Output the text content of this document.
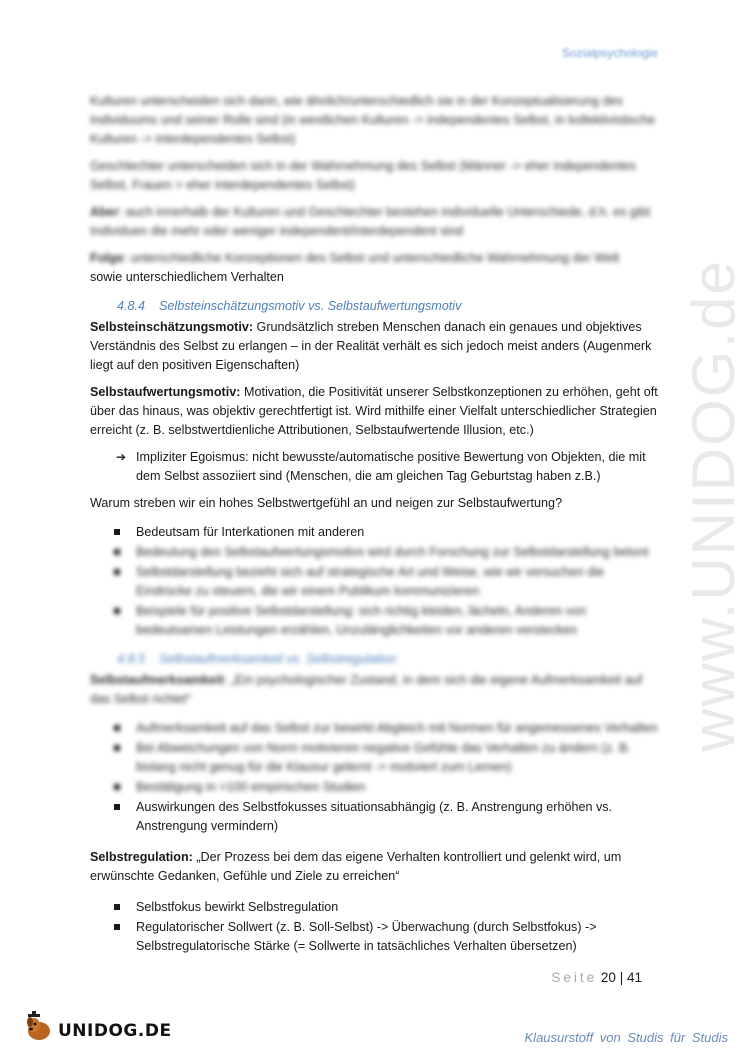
Sozialpsychologie
www.UNIDOG.de

Kulturen unterscheiden sich darin, wie ähnlich/unterschiedlich sie in der Konzeptualisierung des Individuums und seiner Rolle sind (in westlichen Kulturen -> independentes Selbst, in kollektivistische Kulturen -> interdependentes Selbst)

Geschlechter unterscheiden sich in der Wahrnehmung des Selbst (Männer -> eher independentes Selbst, Frauen > eher interdependentes Selbst)

Aber: auch innerhalb der Kulturen und Geschlechter bestehen individuelle Unterschiede, d.h. es gibt Individuen die mehr oder weniger independent/interdependent sind

Folge: unterschiedliche Konzeptionen des Selbst und unterschiedliche Wahrnehmung der Welt
sowie unterschiedlichem Verhalten

4.8.4 Selbsteinschätzungsmotiv vs. Selbstaufwertungsmotiv

Selbsteinschätzungsmotiv: Grundsätzlich streben Menschen danach ein genaues und objektives Verständnis des Selbst zu erlangen – in der Realität verhält es sich jedoch meist anders (Augenmerk liegt auf den positiven Eigenschaften)

Selbstaufwertungsmotiv: Motivation, die Positivität unserer Selbstkonzeptionen zu erhöhen, geht oft über das hinaus, was objektiv gerechtfertigt ist. Wird mithilfe einer Vielfalt unterschiedlicher Strategien erreicht (z. B. selbstwertdienliche Attributionen, Selbstaufwertende Illusion, etc.)

➔ Impliziter Egoismus: nicht bewusste/automatische positive Bewertung von Objekten, die mit dem Selbst assoziiert sind (Menschen, die am gleichen Tag Geburtstag haben z.B.)

Warum streben wir ein hohes Selbstwertgefühl an und neigen zur Selbstaufwertung?

Bedeutsam für Interkationen mit anderen
Bedeutung des Selbstaufwertungsmotivs wird durch Forschung zur Selbstdarstellung betont
Selbstdarstellung bezieht sich auf strategische Art und Weise, wie wir versuchen die Eindrücke zu steuern, die wir einem Publikum kommunizieren
Beispiele für positive Selbstdarstellung: sich richtig kleiden, lächeln, Anderen von bedeutsamen Leistungen erzählen, Unzulänglichkeiten vor anderen verstecken
4.8.5 Selbstaufmerksamkeit vs. Selbstregulation

Selbstaufmerksamkeit: „Ein psychologischer Zustand, in dem sich die eigene Aufmerksamkeit auf das Selbst richtet“

Aufmerksamkeit auf das Selbst zur bewirkt Abgleich mit Normen für angemessenes Verhalten
Bei Abweichungen von Norm motivieren negative Gefühle das Verhalten zu ändern (z. B. bislang nicht genug für die Klausur gelernt -> motiviert zum Lernen)
Bestätigung in >100 empirischen Studien
Auswirkungen des Selbstfokusses situationsabhängig (z. B. Anstrengung erhöhen vs. Anstrengung vermindern)

Selbstregulation: „Der Prozess bei dem das eigene Verhalten kontrolliert und gelenkt wird, um erwünschte Gedanken, Gefühle und Ziele zu erreichen“

Selbstfokus bewirkt Selbstregulation
Regulatorischer Sollwert (z. B. Soll-Selbst) -> Überwachung (durch Selbstfokus) -> Selbstregulatorische Stärke (= Sollwerte in tatsächliches Verhalten übersetzen)
Seite 20 | 41
UNIDOG.DE	Klausurstoff von Studis für Studis
